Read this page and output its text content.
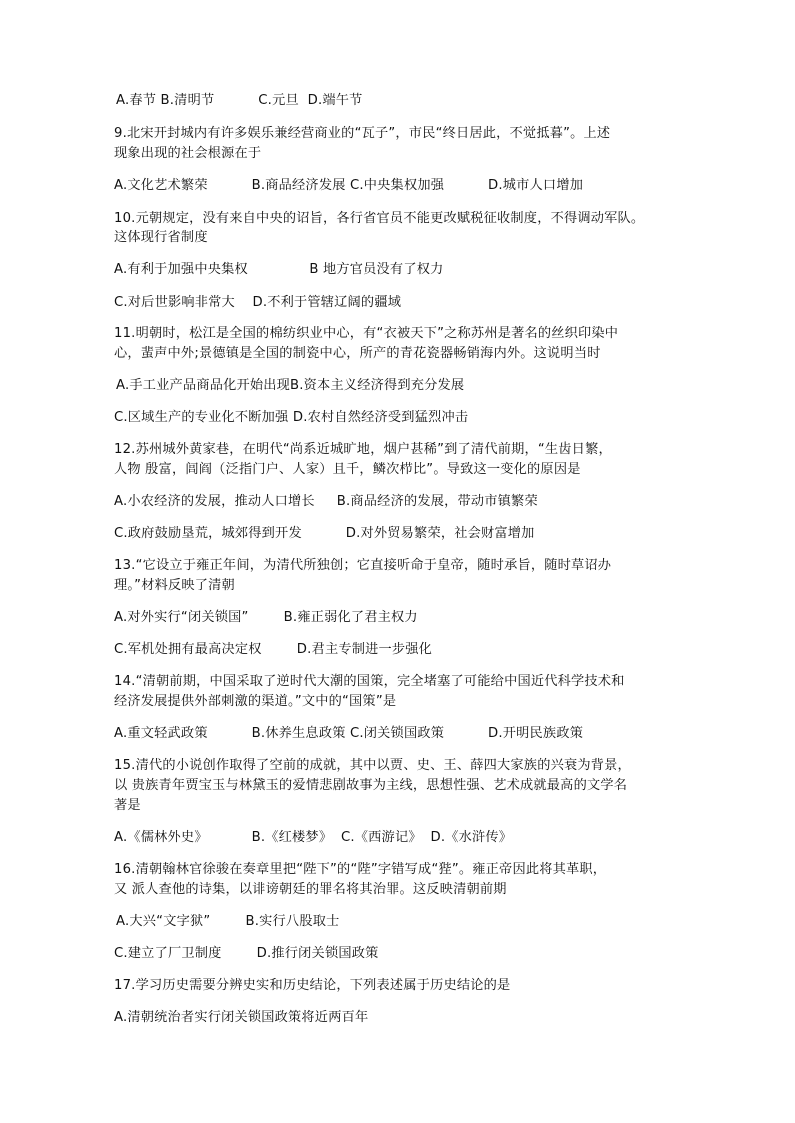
A.春节 B.清明节          C.元旦  D.端午节
9.北宋开封城内有许多娱乐兼经营商业的“瓦子”，市民“终日居此，不觉抵暮”。上述
现象出现的社会根源在于
A.文化艺术繁荣          B.商品经济发展 C.中央集权加强          D.城市人口增加
10.元朝规定，没有来自中央的诏旨，各行省官员不能更改赋税征收制度，不得调动军队。
这体现行省制度
A.有利于加强中央集权              B 地方官员没有了权力
C.对后世影响非常大    D.不利于管辖辽阔的疆域
11.明朝时，松江是全国的棉纺织业中心，有“衣被天下”之称苏州是著名的丝织印染中
心，蜚声中外;景德镇是全国的制瓷中心，所产的青花瓷器畅销海内外。这说明当时
A.手工业产品商品化开始出现B.资本主义经济得到充分发展
C.区域生产的专业化不断加强 D.农村自然经济受到猛烈冲击
12.苏州城外黄家巷，在明代“尚系近城旷地，烟户甚稀”到了清代前期，“生齿日繁，
人物 殷富，闾阎（泛指门户、人家）且千，鳞次栉比”。导致这一变化的原因是
A.小农经济的发展，推动人口增长     B.商品经济的发展，带动市镇繁荣
C.政府鼓励垦荒，城郊得到开发          D.对外贸易繁荣，社会财富增加
13.“它设立于雍正年间，为清代所独创；它直接听命于皇帝，随时承旨，随时草诏办
理。”材料反映了清朝
A.对外实行“闭关锁国”        B.雍正弱化了君主权力
C.军机处拥有最高决定权        D.君主专制进一步强化
14.“清朝前期，中国采取了逆时代大潮的国策，完全堵塞了可能给中国近代科学技术和
经济发展提供外部刺激的渠道。”文中的“国策”是
A.重文轻武政策          B.休养生息政策 C.闭关锁国政策          D.开明民族政策
15.清代的小说创作取得了空前的成就，其中以贾、史、王、薛四大家族的兴衰为背景，
以 贵族青年贾宝玉与林黛玉的爱情悲剧故事为主线，思想性强、艺术成就最高的文学名
著是
A.《儒林外史》          B.《红楼梦》  C.《西游记》  D.《水浒传》
16.清朝翰林官徐骏在奏章里把“陛下”的“陛”字错写成“狴”。雍正帝因此将其革职，
又 派人查他的诗集，以诽谤朝廷的罪名将其治罪。这反映清朝前期
A.大兴“文字狱”        B.实行八股取士
C.建立了厂卫制度        D.推行闭关锁国政策
17.学习历史需要分辨史实和历史结论，下列表述属于历史结论的是
A.清朝统治者实行闭关锁国政策将近两百年
